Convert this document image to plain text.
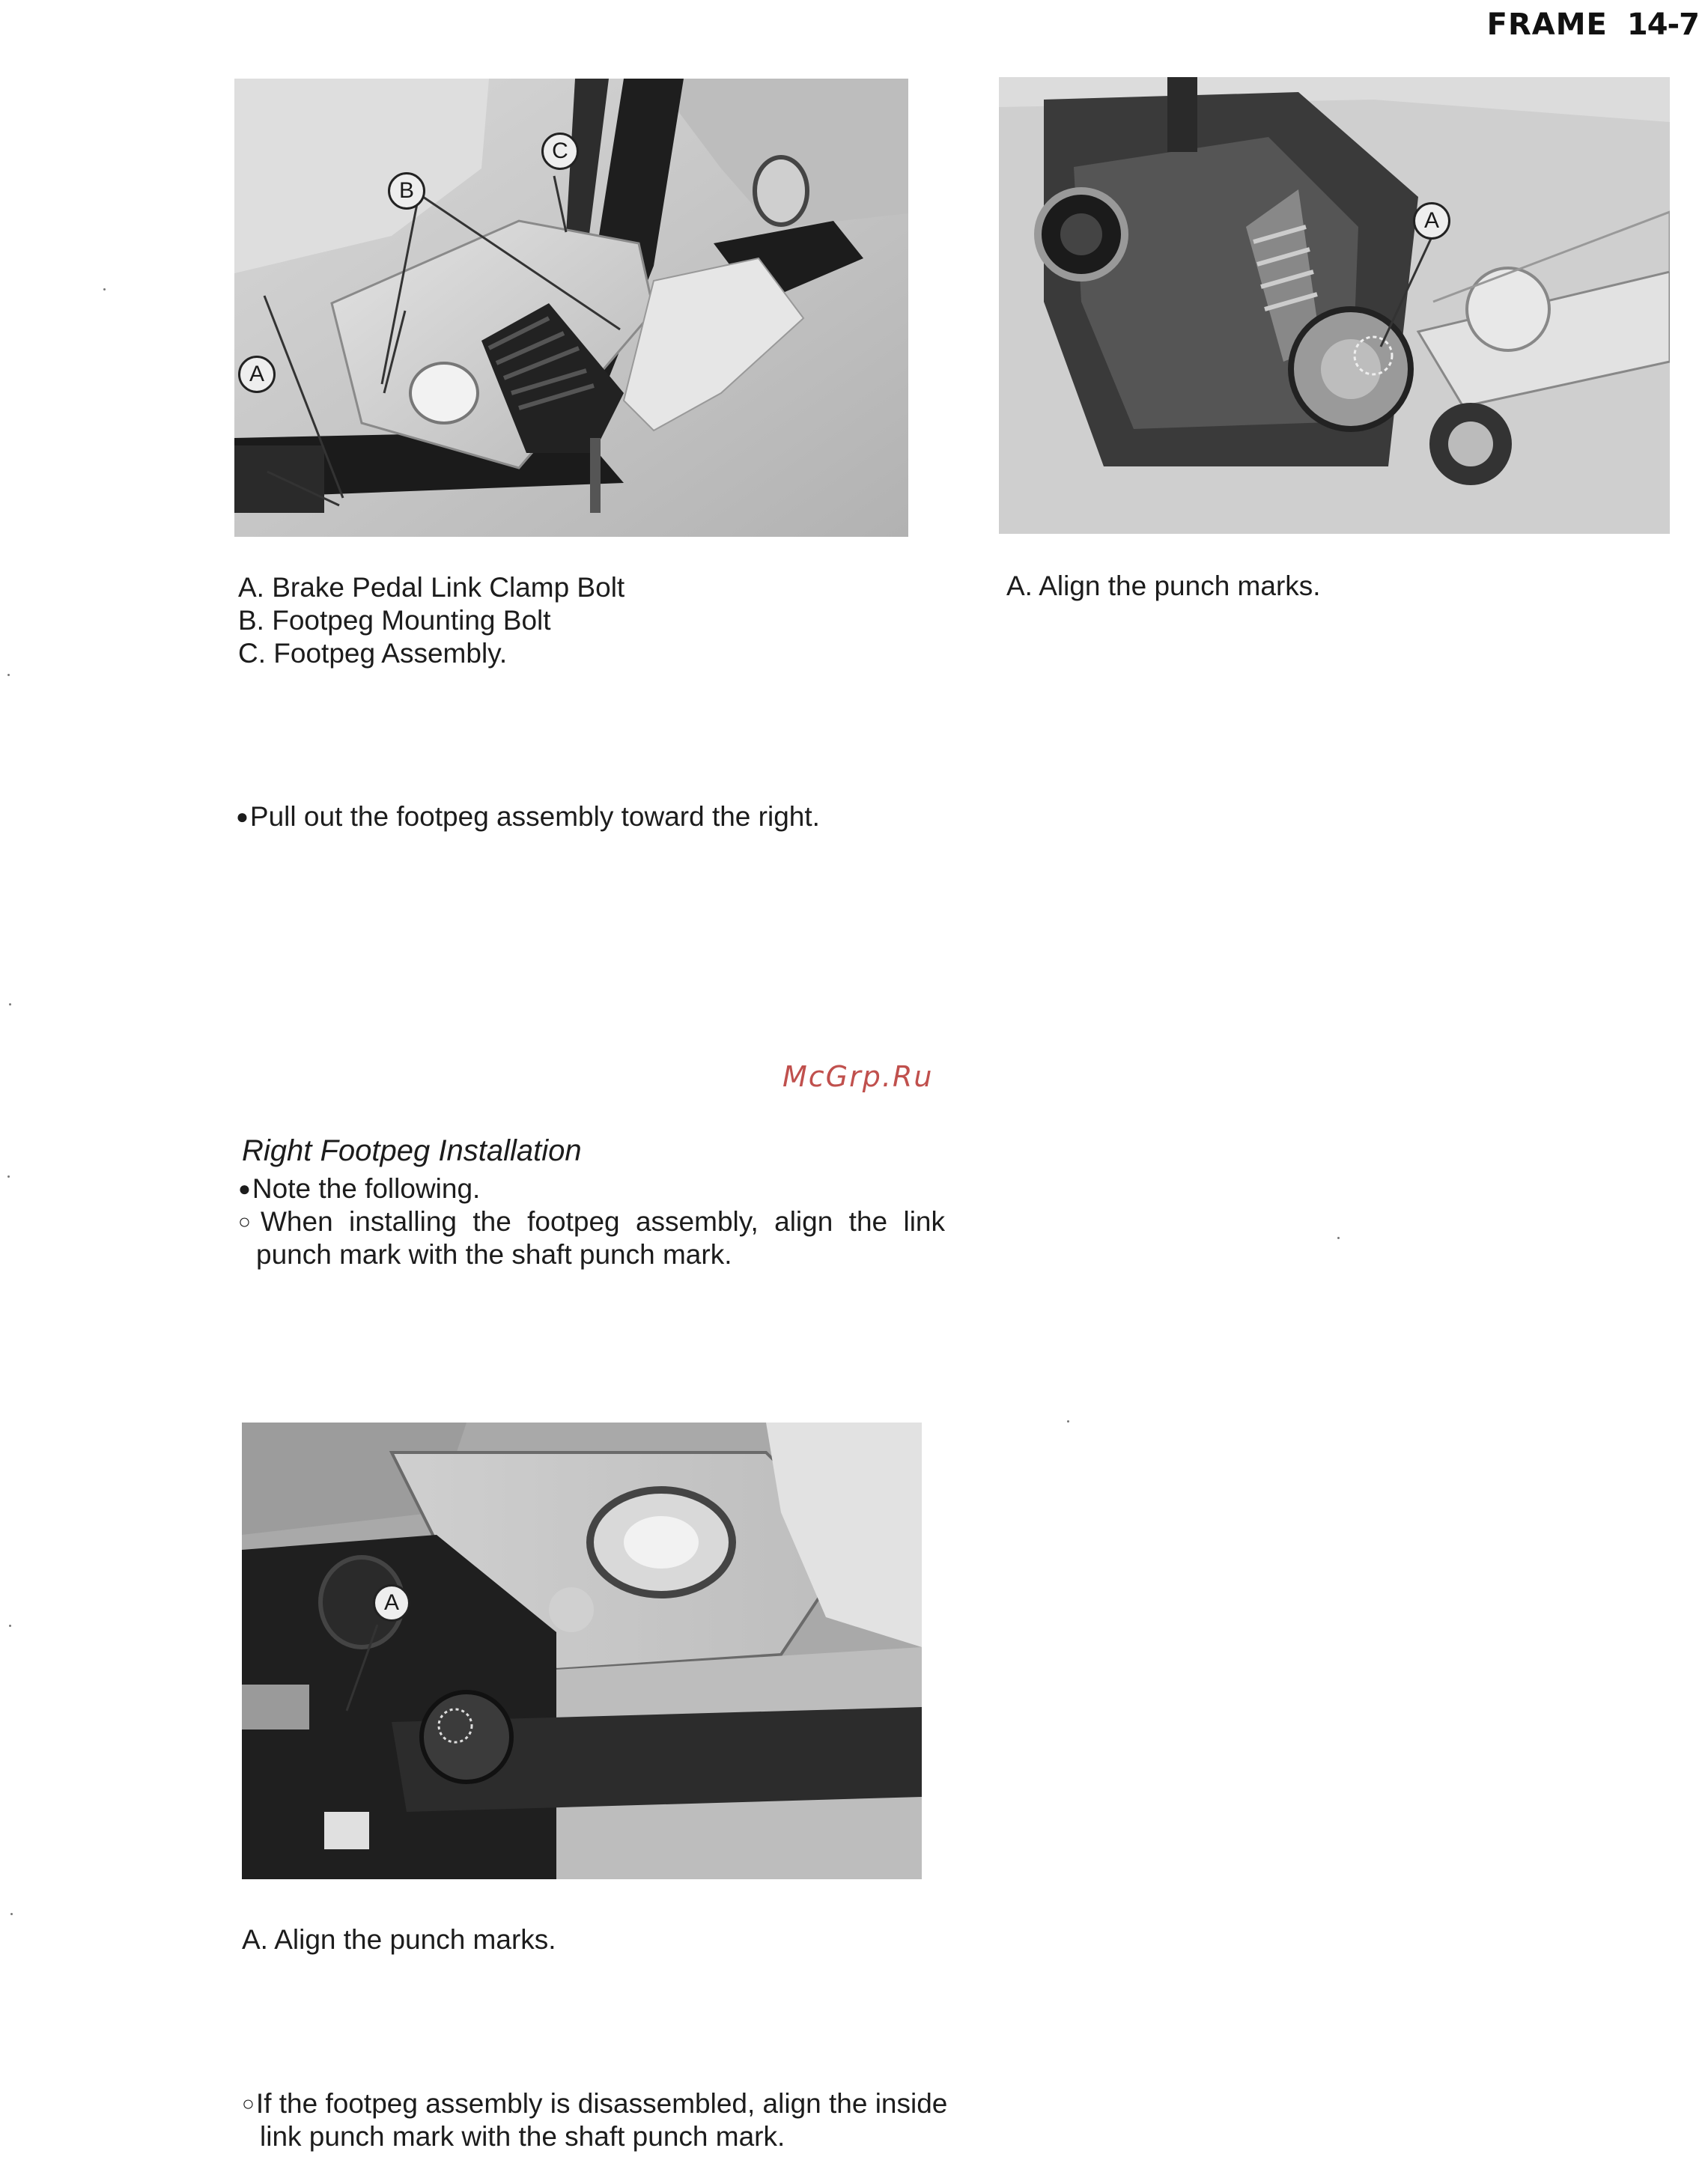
FRAME 14-7
A
B
C
A. Brake Pedal Link Clamp Bolt
B. Footpeg Mounting Bolt
C. Footpeg Assembly.
A
A. Align the punch marks.
● Pull out the footpeg assembly toward the right.
McGrp.Ru
Right Footpeg Installation
● Note the following.
○ When installing the footpeg assembly, align the link punch mark with the shaft punch mark.
A
A. Align the punch marks.
○ If the footpeg assembly is disassembled, align the inside link punch mark with the shaft punch mark.
